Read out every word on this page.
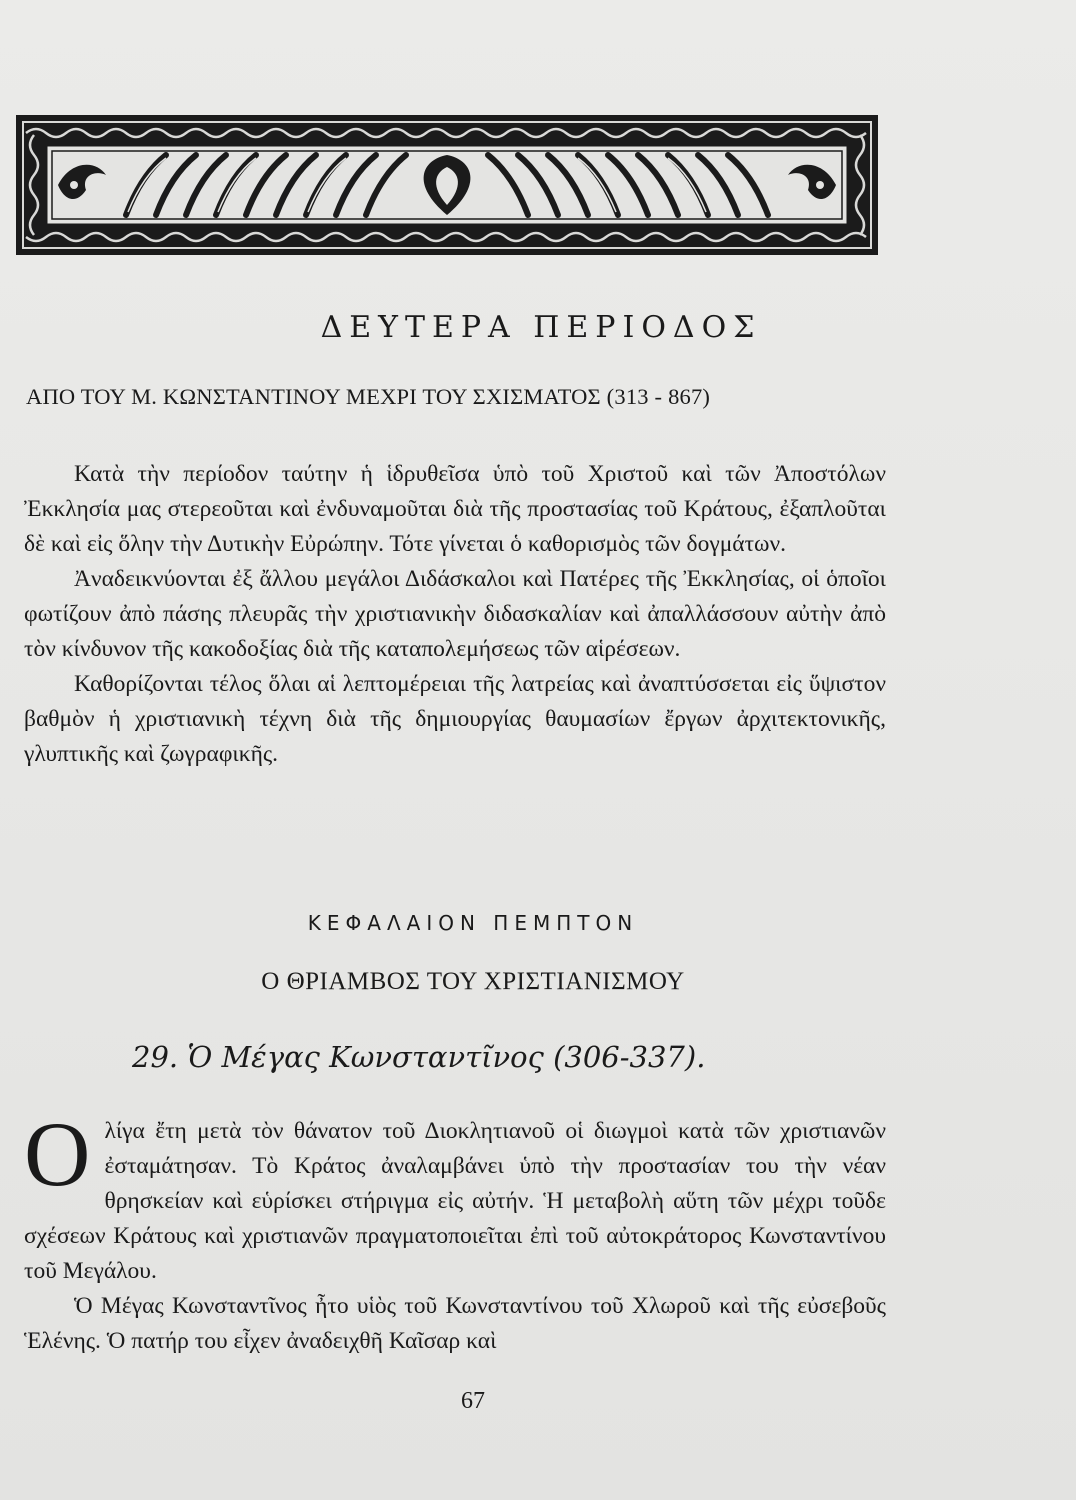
ΔΕΥΤΕΡΑ ΠΕΡΙΟΔΟΣ
ΑΠΟ ΤΟΥ Μ. ΚΩΝΣΤΑΝΤΙΝΟΥ ΜΕΧΡΙ ΤΟΥ ΣΧΙΣΜΑΤΟΣ (313 - 867)

Κατὰ τὴν περίοδον ταύτην ἡ ἱδρυθεῖσα ὑπὸ τοῦ Χριστοῦ καὶ τῶν Ἀποστόλων Ἐκκλησία μας στερεοῦται καὶ ἐνδυναμοῦται διὰ τῆς προστασίας τοῦ Κράτους, ἐξαπλοῦται δὲ καὶ εἰς ὅλην τὴν Δυτικὴν Εὐρώπην. Τότε γίνεται ὁ καθορισμὸς τῶν δογμάτων.

Ἀναδεικνύονται ἐξ ἄλλου μεγάλοι Διδάσκαλοι καὶ Πατέρες τῆς Ἐκκλησίας, οἱ ὁποῖοι φωτίζουν ἀπὸ πάσης πλευρᾶς τὴν χριστιανικὴν διδασκαλίαν καὶ ἀπαλλάσσουν αὐτὴν ἀπὸ τὸν κίνδυνον τῆς κακοδοξίας διὰ τῆς καταπολεμήσεως τῶν αἱρέσεων.

Καθορίζονται τέλος ὅλαι αἱ λεπτομέρειαι τῆς λατρείας καὶ ἀναπτύσσεται εἰς ὕψιστον βαθμὸν ἡ χριστιανικὴ τέχνη διὰ τῆς δημιουργίας θαυμασίων ἔργων ἀρχιτεκτονικῆς, γλυπτικῆς καὶ ζωγραφικῆς.

ΚΕΦΑΛΑΙΟΝ ΠΕΜΠΤΟΝ
Ο ΘΡΙΑΜΒΟΣ ΤΟΥ ΧΡΙΣΤΙΑΝΙΣΜΟΥ
29. Ὁ Μέγας Κωνσταντῖνος (306-337).

Ολίγα ἔτη μετὰ τὸν θάνατον τοῦ Διοκλητιανοῦ οἱ διωγμοὶ κατὰ τῶν χριστιανῶν ἐσταμάτησαν. Τὸ Κράτος ἀναλαμβάνει ὑπὸ τὴν προστασίαν του τὴν νέαν θρησκείαν καὶ εὑρίσκει στήριγμα εἰς αὐτήν. Ἡ μεταβολὴ αὕτη τῶν μέχρι τοῦδε σχέσεων Κράτους καὶ χριστιανῶν πραγματοποιεῖται ἐπὶ τοῦ αὐτοκράτορος Κωνσταντίνου τοῦ Μεγάλου.

Ὁ Μέγας Κωνσταντῖνος ἦτο υἱὸς τοῦ Κωνσταντίνου τοῦ Χλωροῦ καὶ τῆς εὐσεβοῦς Ἑλένης. Ὁ πατήρ του εἶχεν ἀναδειχθῆ Καῖσαρ καὶ

67
